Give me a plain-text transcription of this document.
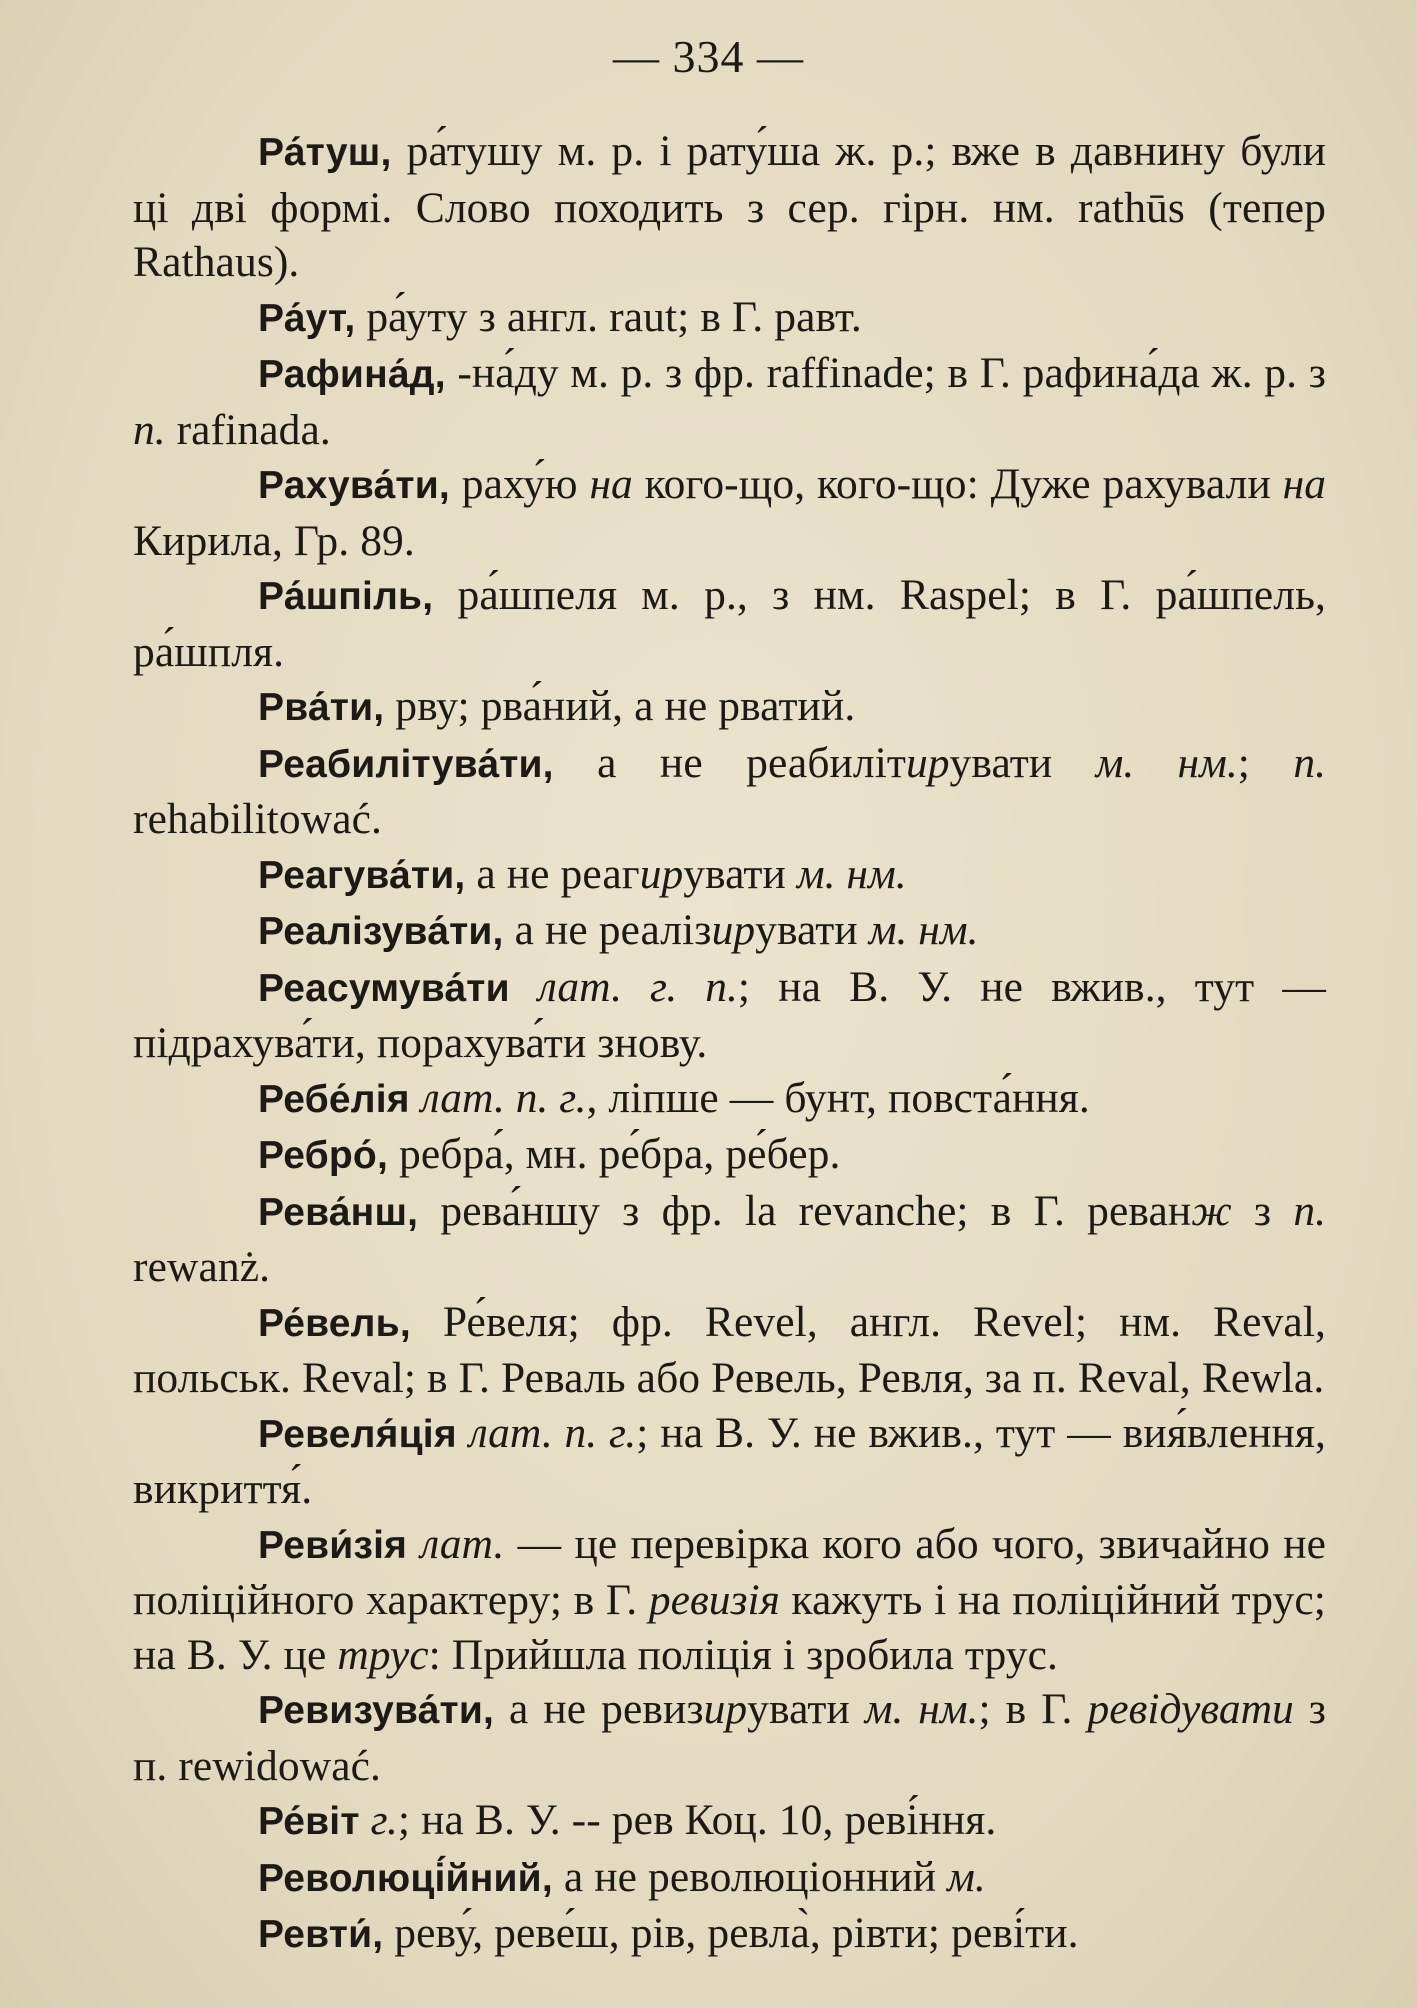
— 334 —

Ра́туш, ра́тушу м. р. і рату́ша ж. р.; вже в давнину були ці дві формі. Слово походить з сер. гірн. нм. rathūs (тепер Rathaus).

Ра́ут, ра́уту з англ. raut; в Г. равт.

Рафина́д, -на́ду м. р. з фр. raffinade; в Г. рафина́да ж. р. з п. rafinada.

Рахува́ти, раху́ю на кого-що, кого-що: Дуже рахували на Кирила, Гр. 89.

Ра́шпіль, ра́шпеля м. р., з нм. Raspel; в Г. ра́шпель, ра́шпля.

Рва́ти, рву; рва́ний, а не рватий.

Реабилітува́ти, а не реабилітирувати м. нм.; п. rehabilitować.

Реагува́ти, а не реагирувати м. нм.

Реалізува́ти, а не реалізирувати м. нм.

Реасумува́ти лат. г. п.; на В. У. не вжив., тут — підрахува́ти, порахува́ти знову.

Ребе́лія лат. п. г., ліпше — бунт, повста́ння.

Ребро́, ребра́, мн. ре́бра, ре́бер.

Рева́нш, рева́ншу з фр. la revanche; в Г. реванж з п. rewanż.

Ре́вель, Ре́веля; фр. Revel, англ. Revel; нм. Reval, польськ. Reval; в Г. Реваль або Ревель, Ревля, за п. Reval, Rewla.

Ревеля́ція лат. п. г.; на В. У. не вжив., тут — вия́влення, викриття́.

Реви́зія лат. — це перевірка кого або чого, звичайно не поліційного характеру; в Г. ревизія кажуть і на поліційний трус; на В. У. це трус: Прийшла поліція і зробила трус.

Ревизува́ти, а не ревизирувати м. нм.; в Г. ревідувати з п. rewidować.

Ре́віт г.; на В. У. -- рев Коц. 10, реві́ння.

Революці́йний, а не революціонний м.

Ревти́, реву́, реве́ш, рів, ревла̀, рівти; реві́ти.
